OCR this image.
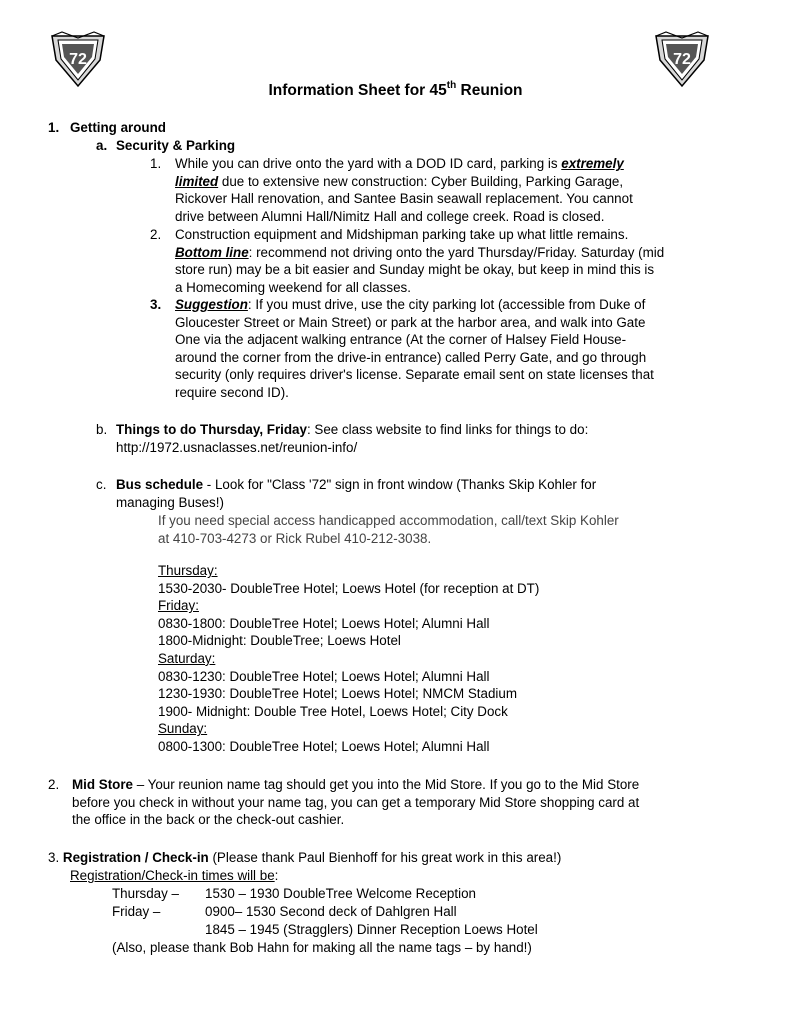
72	72
Information Sheet for 45th Reunion
1. Getting around
a. Security & Parking
1. While you can drive onto the yard with a DOD ID card, parking is extremely
limited due to extensive new construction: Cyber Building, Parking Garage,
Rickover Hall renovation, and Santee Basin seawall replacement. You cannot
drive between Alumni Hall/Nimitz Hall and college creek. Road is closed.
2. Construction equipment and Midshipman parking take up what little remains.
Bottom line: recommend not driving onto the yard Thursday/Friday. Saturday (mid
store run) may be a bit easier and Sunday might be okay, but keep in mind this is
a Homecoming weekend for all classes.
3. Suggestion: If you must drive, use the city parking lot (accessible from Duke of
Gloucester Street or Main Street) or park at the harbor area, and walk into Gate
One via the adjacent walking entrance (At the corner of Halsey Field House-
around the corner from the drive-in entrance) called Perry Gate, and go through
security (only requires driver's license. Separate email sent on state licenses that
require second ID).
b. Things to do Thursday, Friday: See class website to find links for things to do:
http://1972.usnaclasses.net/reunion-info/
c. Bus schedule - Look for "Class '72" sign in front window (Thanks Skip Kohler for
managing Buses!)
If you need special access handicapped accommodation, call/text Skip Kohler
at 410-703-4273 or Rick Rubel 410-212-3038.
Thursday:
1530-2030- DoubleTree Hotel; Loews Hotel (for reception at DT)
Friday:
0830-1800: DoubleTree Hotel; Loews Hotel; Alumni Hall
1800-Midnight: DoubleTree; Loews Hotel
Saturday:
0830-1230: DoubleTree Hotel; Loews Hotel; Alumni Hall
1230-1930: DoubleTree Hotel; Loews Hotel; NMCM Stadium
1900- Midnight: Double Tree Hotel, Loews Hotel; City Dock
Sunday:
0800-1300: DoubleTree Hotel; Loews Hotel; Alumni Hall
2. Mid Store – Your reunion name tag should get you into the Mid Store. If you go to the Mid Store
before you check in without your name tag, you can get a temporary Mid Store shopping card at
the office in the back or the check-out cashier.
3. Registration / Check-in (Please thank Paul Bienhoff for his great work in this area!)
Registration/Check-in times will be:
Thursday – 1530 – 1930 DoubleTree Welcome Reception
Friday –	0900– 1530 Second deck of Dahlgren Hall
1845 – 1945 (Stragglers) Dinner Reception Loews Hotel
(Also, please thank Bob Hahn for making all the name tags – by hand!)
